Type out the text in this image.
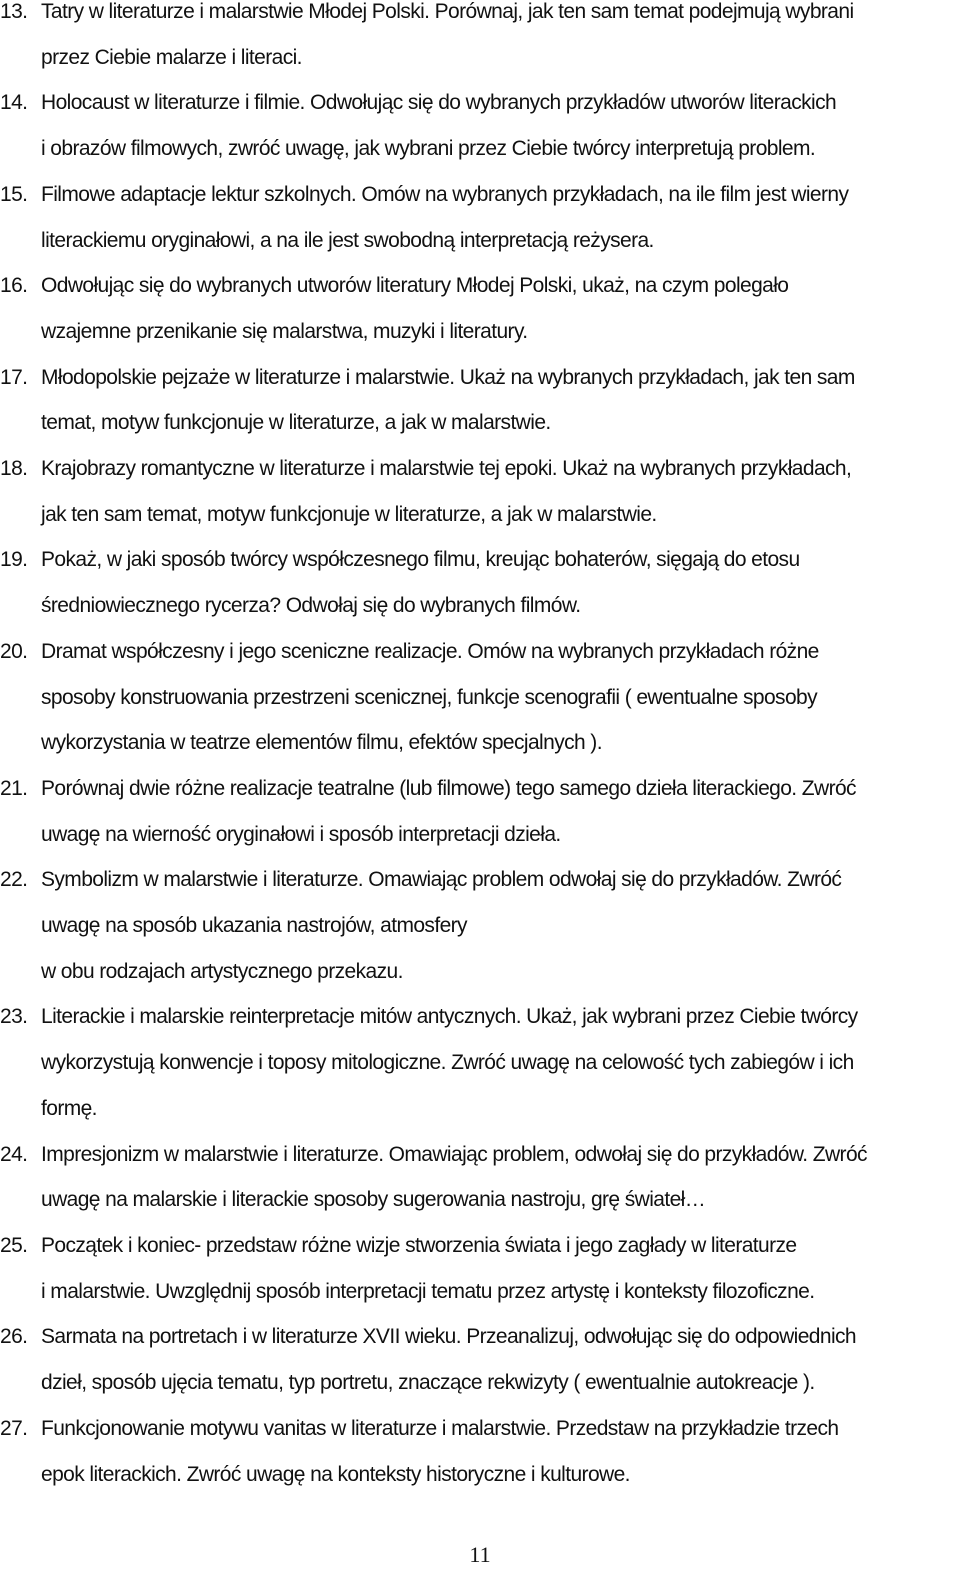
13. Tatry w literaturze i malarstwie Młodej Polski. Porównaj, jak ten sam temat podejmują wybrani
przez Ciebie malarze i literaci.
14. Holocaust w literaturze i filmie. Odwołując się do wybranych przykładów utworów literackich
i obrazów filmowych, zwróć uwagę, jak wybrani przez Ciebie twórcy interpretują problem.
15. Filmowe adaptacje lektur szkolnych. Omów na wybranych przykładach, na ile film jest wierny
literackiemu oryginałowi, a na ile jest swobodną interpretacją reżysera.
16. Odwołując się do wybranych utworów literatury Młodej Polski, ukaż, na czym polegało
wzajemne przenikanie się malarstwa, muzyki i literatury.
17. Młodopolskie pejzaże w literaturze i malarstwie. Ukaż na wybranych przykładach, jak ten sam
temat, motyw funkcjonuje w literaturze, a jak w malarstwie.
18. Krajobrazy romantyczne w literaturze i malarstwie tej epoki. Ukaż na wybranych przykładach,
jak ten sam temat, motyw funkcjonuje w literaturze, a jak w malarstwie.
19. Pokaż, w jaki sposób twórcy współczesnego filmu, kreując bohaterów, sięgają do etosu
średniowiecznego rycerza? Odwołaj się do wybranych filmów.
20. Dramat współczesny i jego sceniczne realizacje. Omów na wybranych przykładach różne
sposoby konstruowania przestrzeni scenicznej, funkcje scenografii ( ewentualne sposoby
wykorzystania w teatrze elementów filmu, efektów specjalnych ).
21. Porównaj dwie różne realizacje teatralne (lub filmowe) tego samego dzieła literackiego. Zwróć
uwagę na wierność oryginałowi i sposób interpretacji dzieła.
22. Symbolizm w malarstwie i literaturze. Omawiając problem odwołaj się do przykładów. Zwróć
uwagę na sposób ukazania nastrojów, atmosfery
w obu rodzajach artystycznego przekazu.
23. Literackie i malarskie reinterpretacje mitów antycznych. Ukaż, jak wybrani przez Ciebie twórcy
wykorzystują konwencje i toposy mitologiczne. Zwróć uwagę na celowość tych zabiegów i ich
formę.
24. Impresjonizm w malarstwie i literaturze. Omawiając problem, odwołaj się do przykładów. Zwróć
uwagę na malarskie i literackie sposoby sugerowania nastroju, grę świateł…
25. Początek i koniec- przedstaw różne wizje stworzenia świata i jego zagłady w literaturze
i malarstwie. Uwzględnij sposób interpretacji tematu przez artystę i konteksty filozoficzne.
26. Sarmata na portretach i w literaturze XVII wieku. Przeanalizuj, odwołując się do odpowiednich
dzieł, sposób ujęcia tematu, typ portretu, znaczące rekwizyty ( ewentualnie autokreacje ).
27. Funkcjonowanie motywu vanitas w literaturze i malarstwie. Przedstaw na przykładzie trzech
epok literackich. Zwróć uwagę na konteksty historyczne i kulturowe.
11
